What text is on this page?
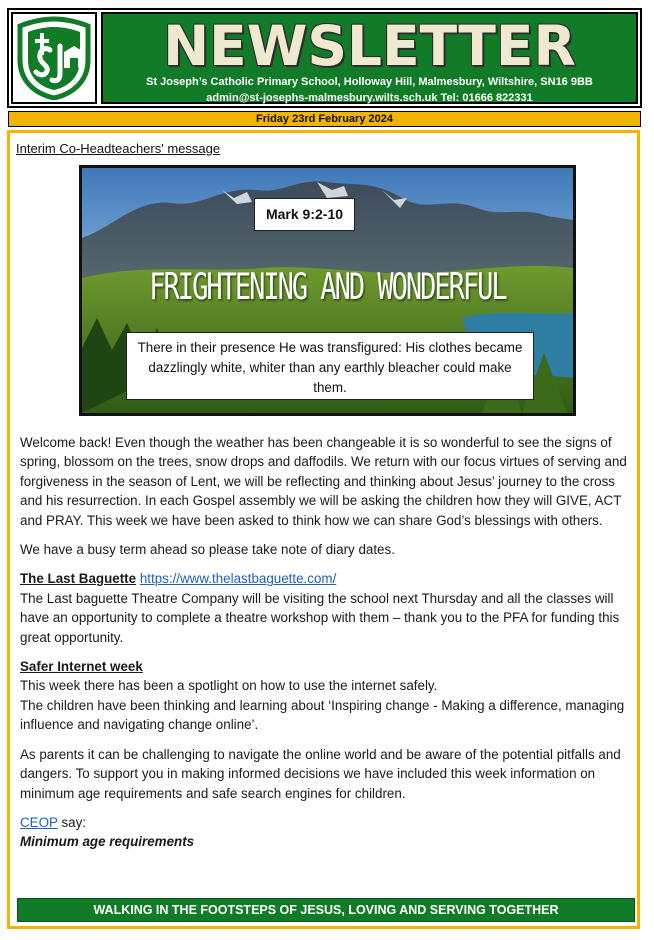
NEWSLETTER
St Joseph’s Catholic Primary School, Holloway Hill, Malmesbury, Wiltshire, SN16 9BB
admin@st-josephs-malmesbury.wilts.sch.uk Tel: 01666 822331
Friday 23rd February 2024
Interim Co-Headteachers' message
Mark 9:2-10
FRIGHTENING AND WONDERFUL
There in their presence He was transfigured: His clothes became dazzlingly white, whiter than any earthly bleacher could make them.

Welcome back! Even though the weather has been changeable it is so wonderful to see the signs of spring, blossom on the trees, snow drops and daffodils. We return with our focus virtues of serving and forgiveness in the season of Lent, we will be reflecting and thinking about Jesus’ journey to the cross and his resurrection. In each Gospel assembly we will be asking the children how they will GIVE, ACT and PRAY. This week we have been asked to think how we can share God’s blessings with others.

We have a busy term ahead so please take note of diary dates.

The Last Baguette https://www.thelastbaguette.com/
The Last baguette Theatre Company will be visiting the school next Thursday and all the classes will have an opportunity to complete a theatre workshop with them – thank you to the PFA for funding this great opportunity.

Safer Internet week
This week there has been a spotlight on how to use the internet safely.
The children have been thinking and learning about ‘Inspiring change - Making a difference, managing influence and navigating change online’.

As parents it can be challenging to navigate the online world and be aware of the potential pitfalls and dangers. To support you in making informed decisions we have included this week information on minimum age requirements and safe search engines for children.

CEOP say:
Minimum age requirements

WALKING IN THE FOOTSTEPS OF JESUS, LOVING AND SERVING TOGETHER
